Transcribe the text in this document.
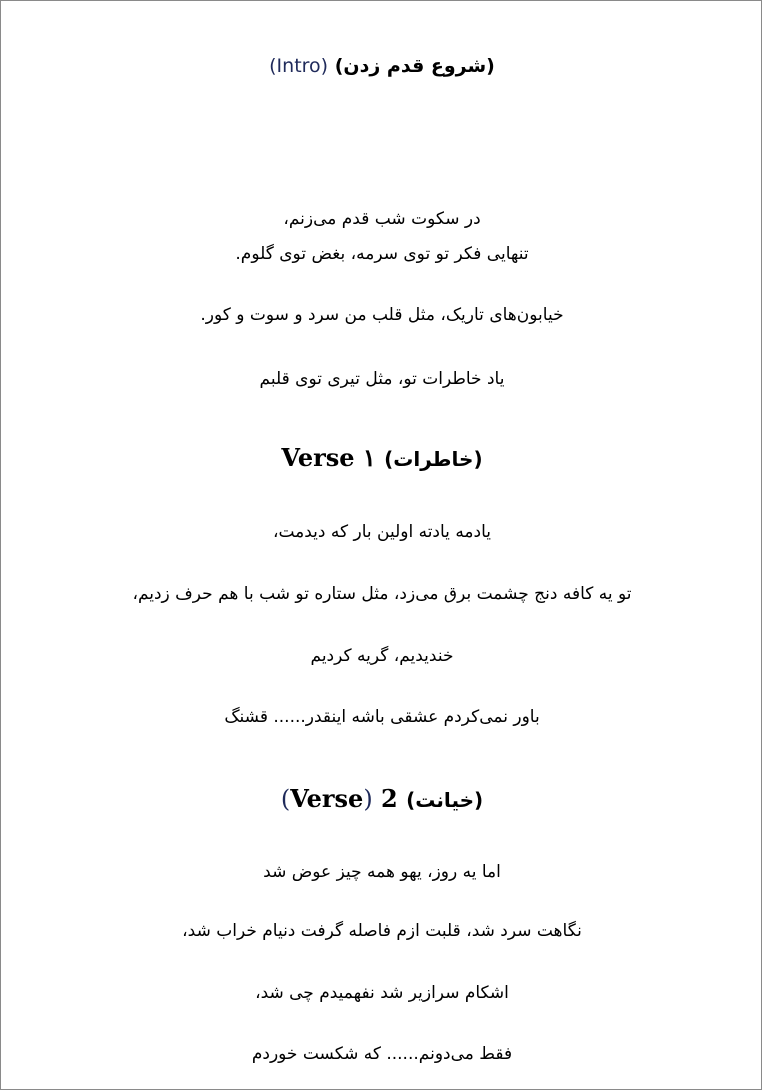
(شروع قدم زدن) (Intro)
در سکوت شب قدم می‌زنم،
تنهایی فکر تو توی سرمه، بغض توی گلوم.
خیابون‌های تاریک، مثل قلب من سرد و سوت و کور.
یاد خاطرات تو، مثل تیری توی قلبم
(خاطرات) Verse ۱
یادمه یادته اولین بار که دیدمت،
تو یه کافه دنج چشمت برق می‌زد، مثل ستاره تو شب با هم حرف زدیم،
خندیدیم، گریه کردیم
باور نمی‌کردم عشقی باشه اینقدر...... قشنگ
(خیانت) 2 (Verse)
اما یه روز، یهو همه چیز عوض شد
نگاهت سرد شد، قلبت ازم فاصله گرفت دنیام خراب شد،
اشکام سرازیر شد نفهمیدم چی شد،
فقط می‌دونم...... که شکست خوردم
